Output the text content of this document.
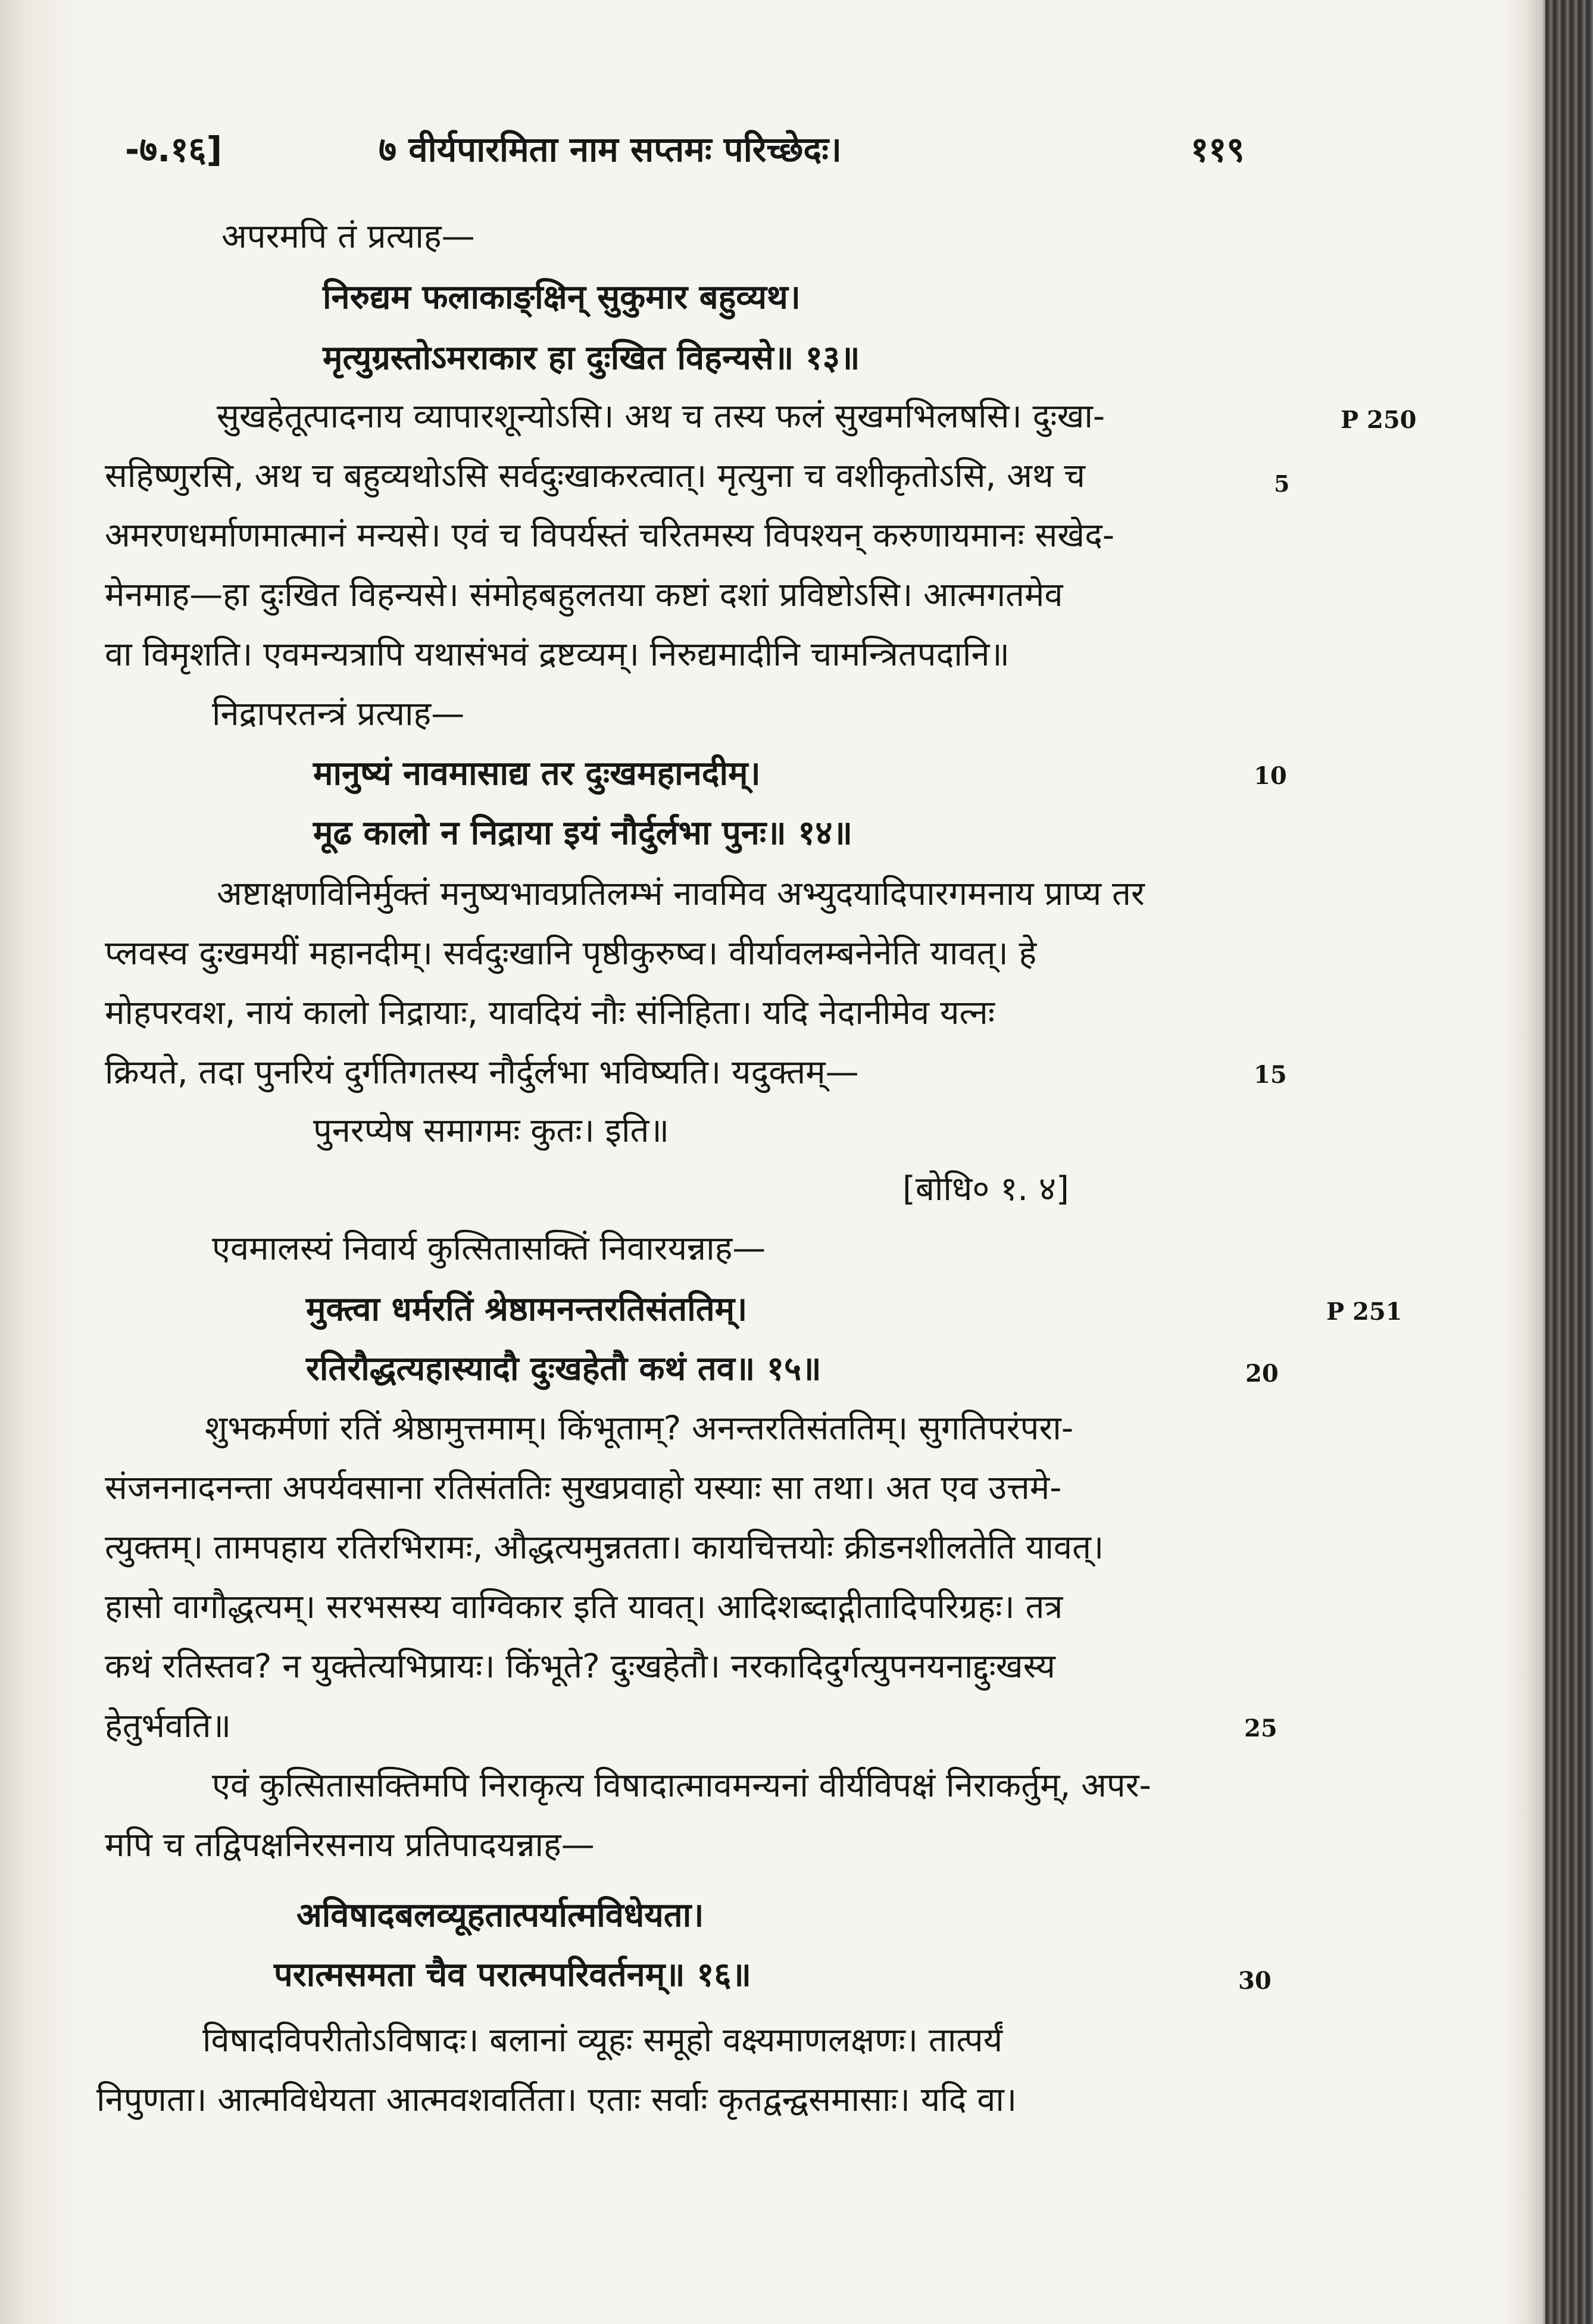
-७.१६]	७ वीर्यपारमिता नाम सप्तमः परिच्छेदः।	११९
अपरमपि तं प्रत्याह—
निरुद्यम फलाकाङ्क्षिन् सुकुमार बहुव्यथ।
मृत्युग्रस्तोऽमराकार हा दुःखित विहन्यसे॥ १३॥
सुखहेतूत्पादनाय व्यापारशून्योऽसि। अथ च तस्य फलं सुखमभिलषसि। दुःखा-
सहिष्णुरसि, अथ च बहुव्यथोऽसि सर्वदुःखाकरत्वात्। मृत्युना च वशीकृतोऽसि, अथ च	5
अमरणधर्माणमात्मानं मन्यसे। एवं च विपर्यस्तं चरितमस्य विपश्यन् करुणायमानः सखेद-
मेनमाह—हा दुःखित विहन्यसे। संमोहबहुलतया कष्टां दशां प्रविष्टोऽसि। आत्मगतमेव
वा विमृशति। एवमन्यत्रापि यथासंभवं द्रष्टव्यम्। निरुद्यमादीनि चामन्त्रितपदानि॥
निद्रापरतन्त्रं प्रत्याह—
मानुष्यं नावमासाद्य तर दुःखमहानदीम्।
मूढ कालो न निद्राया इयं नौर्दुर्लभा पुनः॥ १४॥
अष्टाक्षणविनिर्मुक्तं मनुष्यभावप्रतिलम्भं नावमिव अभ्युदयादिपारगमनाय प्राप्य तर
प्लवस्व दुःखमयीं महानदीम्। सर्वदुःखानि पृष्ठीकुरुष्व। वीर्यावलम्बनेनेति यावत्। हे
मोहपरवश, नायं कालो निद्रायाः, यावदियं नौः संनिहिता। यदि नेदानीमेव यत्नः
क्रियते, तदा पुनरियं दुर्गतिगतस्य नौर्दुर्लभा भविष्यति। यदुक्तम्—
पुनरप्येष समागमः कुतः। इति॥
[बोधि० १. ४]
एवमालस्यं निवार्य कुत्सितासक्तिं निवारयन्नाह—
मुक्त्वा धर्मरतिं श्रेष्ठामनन्तरतिसंततिम्।
रतिरौद्धत्यहास्यादौ दुःखहेतौ कथं तव॥ १५॥
शुभकर्मणां रतिं श्रेष्ठामुत्तमाम्। किंभूताम्? अनन्तरतिसंततिम्। सुगतिपरंपरा-
संजननादनन्ता अपर्यवसाना रतिसंततिः सुखप्रवाहो यस्याः सा तथा। अत एव उत्तमे-
त्युक्तम्। तामपहाय रतिरभिरामः, औद्धत्यमुन्नतता। कायचित्तयोः क्रीडनशीलतेति यावत्।
हासो वागौद्धत्यम्। सरभसस्य वाग्विकार इति यावत्। आदिशब्दाद्गीतादिपरिग्रहः। तत्र
कथं रतिस्तव? न युक्तेत्यभिप्रायः। किंभूते? दुःखहेतौ। नरकादिदुर्गत्युपनयनाद्दुःखस्य
हेतुर्भवति॥
एवं कुत्सितासक्तिमपि निराकृत्य विषादात्मावमन्यनां वीर्यविपक्षं निराकर्तुम्, अपर-
मपि च तद्विपक्षनिरसनाय प्रतिपादयन्नाह—
अविषादबलव्यूहतात्पर्यात्मविधेयता।
परात्मसमता चैव परात्मपरिवर्तनम्॥ १६॥
विषादविपरीतोऽविषादः। बलानां व्यूहः समूहो वक्ष्यमाणलक्षणः। तात्पर्यं
निपुणता। आत्मविधेयता आत्मवशवर्तिता। एताः सर्वाः कृतद्वन्द्वसमासाः। यदि वा।
10
15
20
25
30
P 250
P 251
